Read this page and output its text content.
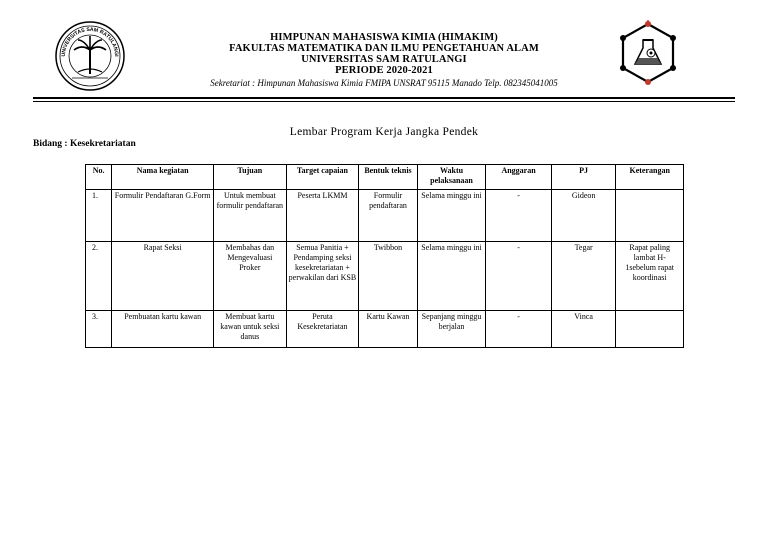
UNIVERSITAS SAM RATULANGI
HIMPUNAN MAHASISWA KIMIA (HIMAKIM)
FAKULTAS MATEMATIKA DAN ILMU PENGETAHUAN ALAM
UNIVERSITAS SAM RATULANGI
PERIODE 2020-2021
Sekretariat : Himpunan Mahasiswa Kimia FMIPA UNSRAT 95115 Manado Telp. 082345041005
Lembar Program Kerja Jangka Pendek
Bidang : Kesekretariatan
No.	Nama kegiatan	Tujuan	Target capaian	Bentuk teknis	Waktu pelaksanaan	Anggaran	PJ	Keterangan
1.	Formulir Pendaftaran G.Form	Untuk membuat formulir pendaftaran	Peserta LKMM	Formulir pendaftaran	Selama minggu ini	-	Gideon	
2.	Rapat Seksi	Membahas dan Mengevaluasi Proker	Semua Panitia + Pendamping seksi kesekretariatan + perwakilan dari KSB	Twibbon	Selama minggu ini	-	Tegar	Rapat paling lambat H-1sebelum rapat koordinasi
3.	Pembuatan kartu kawan	Membuat kartu kawan untuk seksi danus	Peruta Kesekretariatan	Kartu Kawan	Sepanjang minggu berjalan	-	Vinca	
